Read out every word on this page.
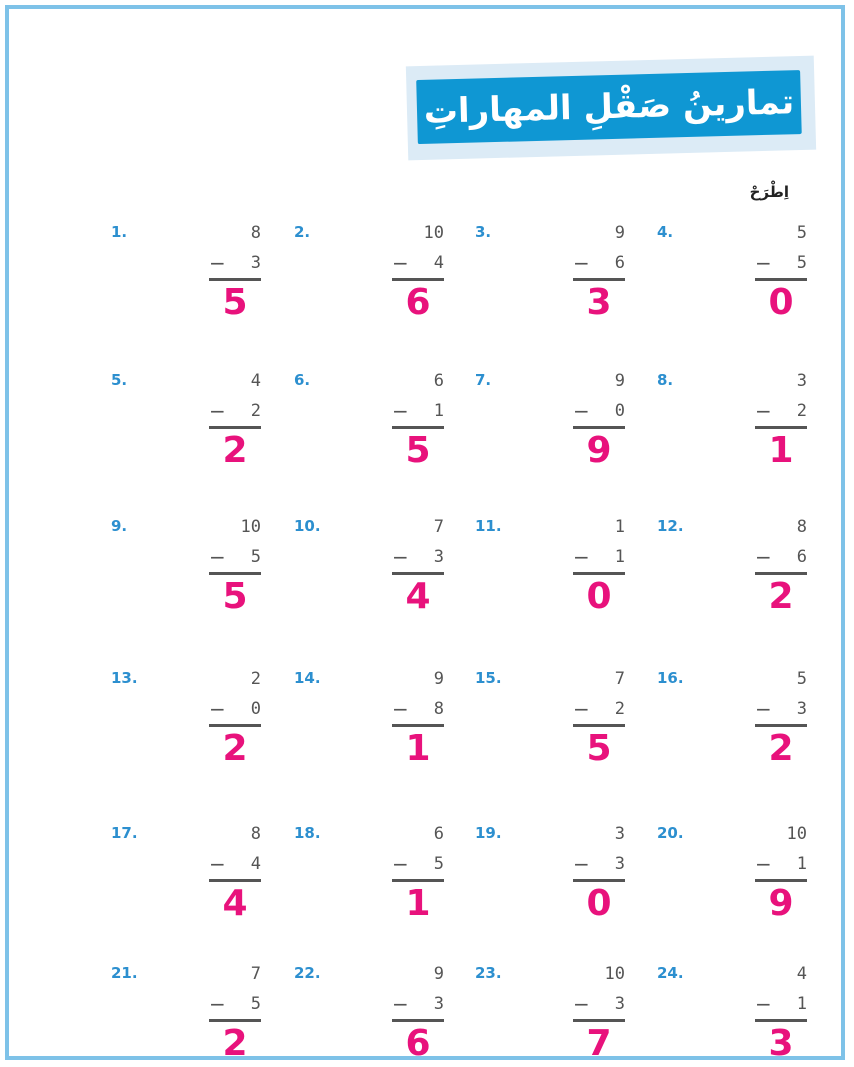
تمارينُ صَقْلِ المهاراتِ
اِطْرَحْ
1.	8
− 3
5
2.	10
− 4
6
3.	9
− 6
3
4.	5
− 5
0
5.	4
− 2
2
6.	6
− 1
5
7.	9
− 0
9
8.	3
− 2
1
9.	10
− 5
5
10.	7
− 3
4
11.	1
− 1
0
12.	8
− 6
2
13.	2
− 0
2
14.	9
− 8
1
15.	7
− 2
5
16.	5
− 3
2
17.	8
− 4
4
18.	6
− 5
1
19.	3
− 3
0
20.	10
− 1
9
21.	7
− 5
2
22.	9
− 3
6
23.	10
− 3
7
24.	4
− 1
3
